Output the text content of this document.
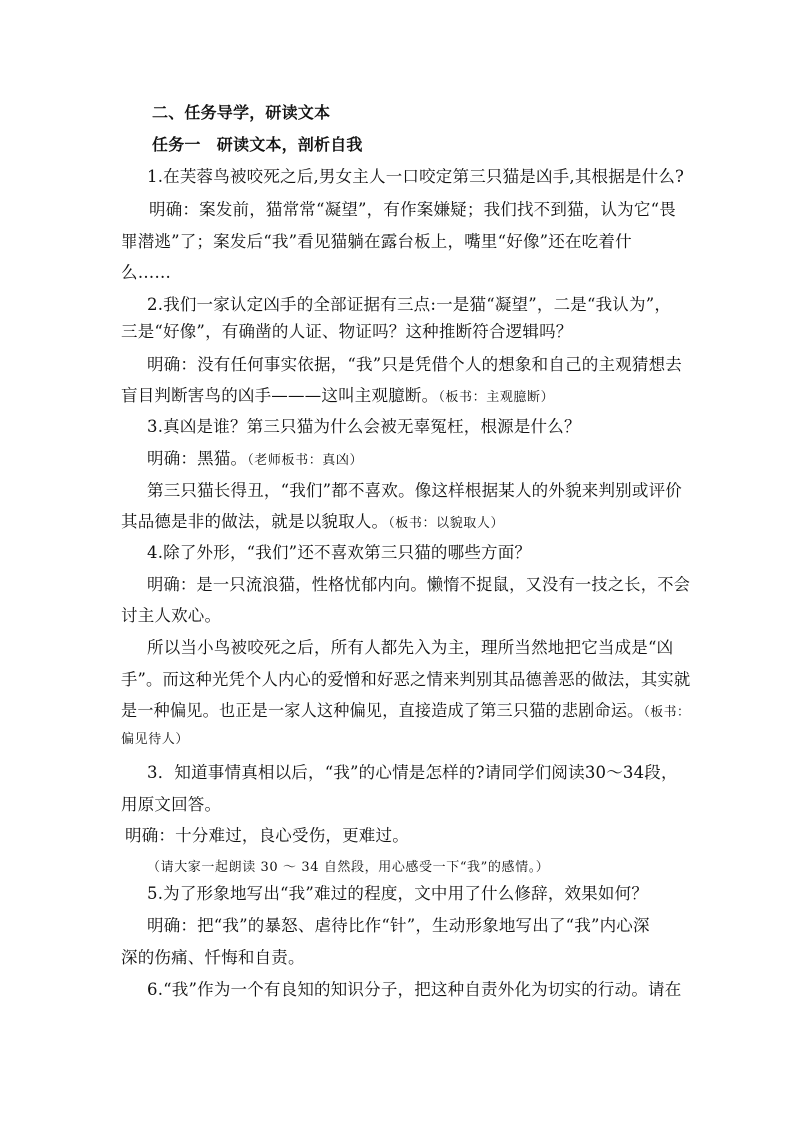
二、任务导学，研读文本
任务一　研读文本，剖析自我
1.在芙蓉鸟被咬死之后,男女主人一口咬定第三只猫是凶手,其根据是什么?
明确：案发前，猫常常“凝望”，有作案嫌疑；我们找不到猫，认为它“畏
罪潜逃”了；案发后“我”看见猫躺在露台板上，嘴里“好像”还在吃着什
么……
2.我们一家认定凶手的全部证据有三点:一是猫“凝望”，二是“我认为”，
三是“好像”，有确凿的人证、物证吗？这种推断符合逻辑吗？
明确：没有任何事实依据，“我”只是凭借个人的想象和自己的主观猜想去
盲目判断害鸟的凶手———这叫主观臆断。（板书：主观臆断）
3.真凶是谁？第三只猫为什么会被无辜冤枉，根源是什么？
明确：黑猫。（老师板书：真凶）
第三只猫长得丑，“我们”都不喜欢。像这样根据某人的外貌来判别或评价
其品德是非的做法，就是以貌取人。（板书：以貌取人）
4.除了外形，“我们”还不喜欢第三只猫的哪些方面？
明确：是一只流浪猫，性格忧郁内向。懒惰不捉鼠，又没有一技之长，不会
讨主人欢心。
所以当小鸟被咬死之后，所有人都先入为主，理所当然地把它当成是“凶
手”。而这种光凭个人内心的爱憎和好恶之情来判别其品德善恶的做法，其实就
是一种偏见。也正是一家人这种偏见，直接造成了第三只猫的悲剧命运。（板书：
偏见待人）
3．知道事情真相以后，“我”的心情是怎样的?请同学们阅读30～34段，
用原文回答。
明确：十分难过，良心受伤，更难过。
（请大家一起朗读 30 ～ 34 自然段，用心感受一下“我”的感情。）
5.为了形象地写出“我”难过的程度，文中用了什么修辞，效果如何？
明确：把“我”的暴怒、虐待比作“针”，生动形象地写出了“我”内心深
深的伤痛、忏悔和自责。
6.“我”作为一个有良知的知识分子，把这种自责外化为切实的行动。请在
